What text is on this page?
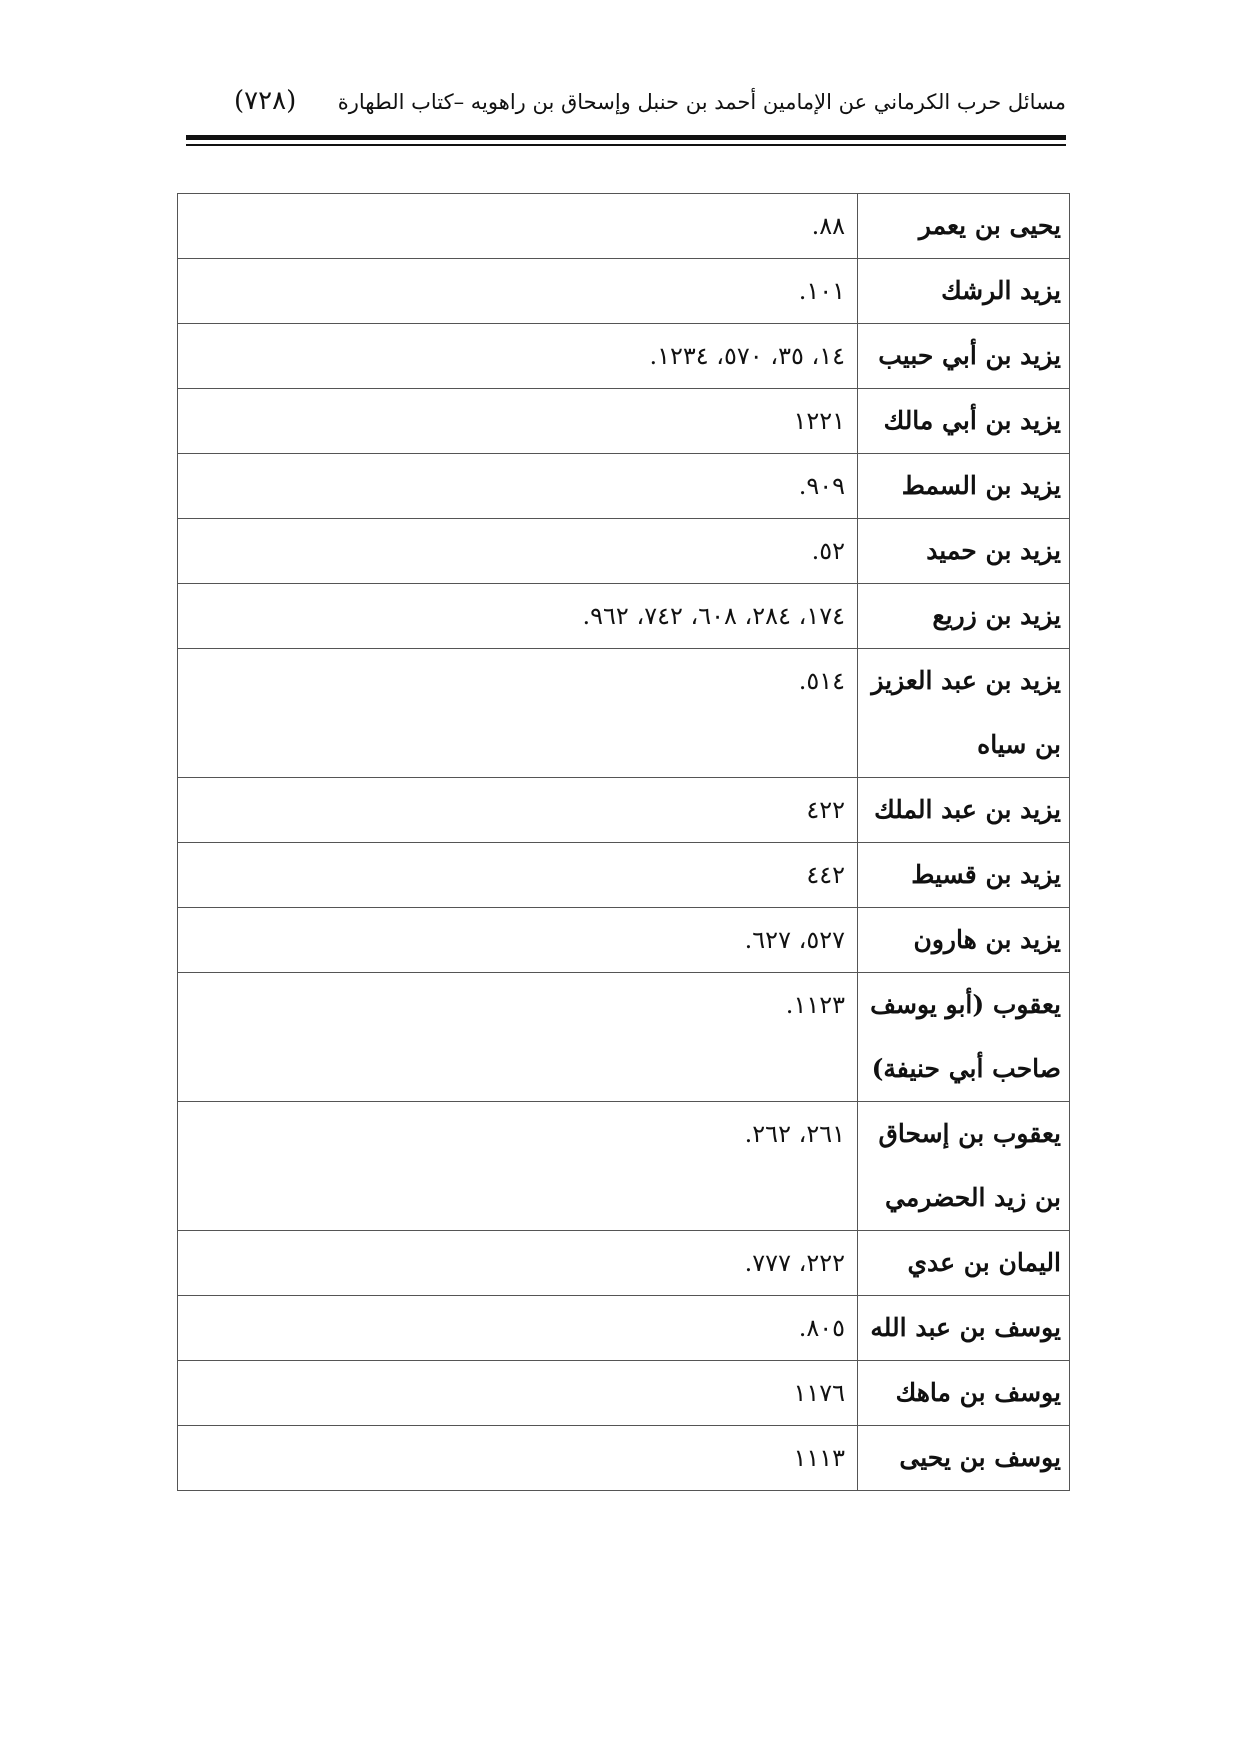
مسائل حرب الكرماني عن الإمامين أحمد بن حنبل وإسحاق بن راهويه –كتاب الطهارة
(٧٢٨)
يحيى بن يعمر	٨٨.
يزيد الرشك	١٠١.
يزيد بن أبي حبيب	١٤، ٣٥، ٥٧٠، ١٢٣٤.
يزيد بن أبي مالك	١٢٢١
يزيد بن السمط	٩٠٩.
يزيد بن حميد	٥٢.
يزيد بن زريع	١٧٤، ٢٨٤، ٦٠٨، ٧٤٢، ٩٦٢.
يزيد بن عبد العزيز بن سياه	٥١٤.
يزيد بن عبد الملك	٤٢٢
يزيد بن قسيط	٤٤٢
يزيد بن هارون	٥٢٧، ٦٢٧.
يعقوب (أبو يوسف صاحب أبي حنيفة)	١١٢٣.
يعقوب بن إسحاق بن زيد الحضرمي	٢٦١، ٢٦٢.
اليمان بن عدي	٢٢٢، ٧٧٧.
يوسف بن عبد الله	٨٠٥.
يوسف بن ماهك	١١٧٦
يوسف بن يحيى	١١١٣
